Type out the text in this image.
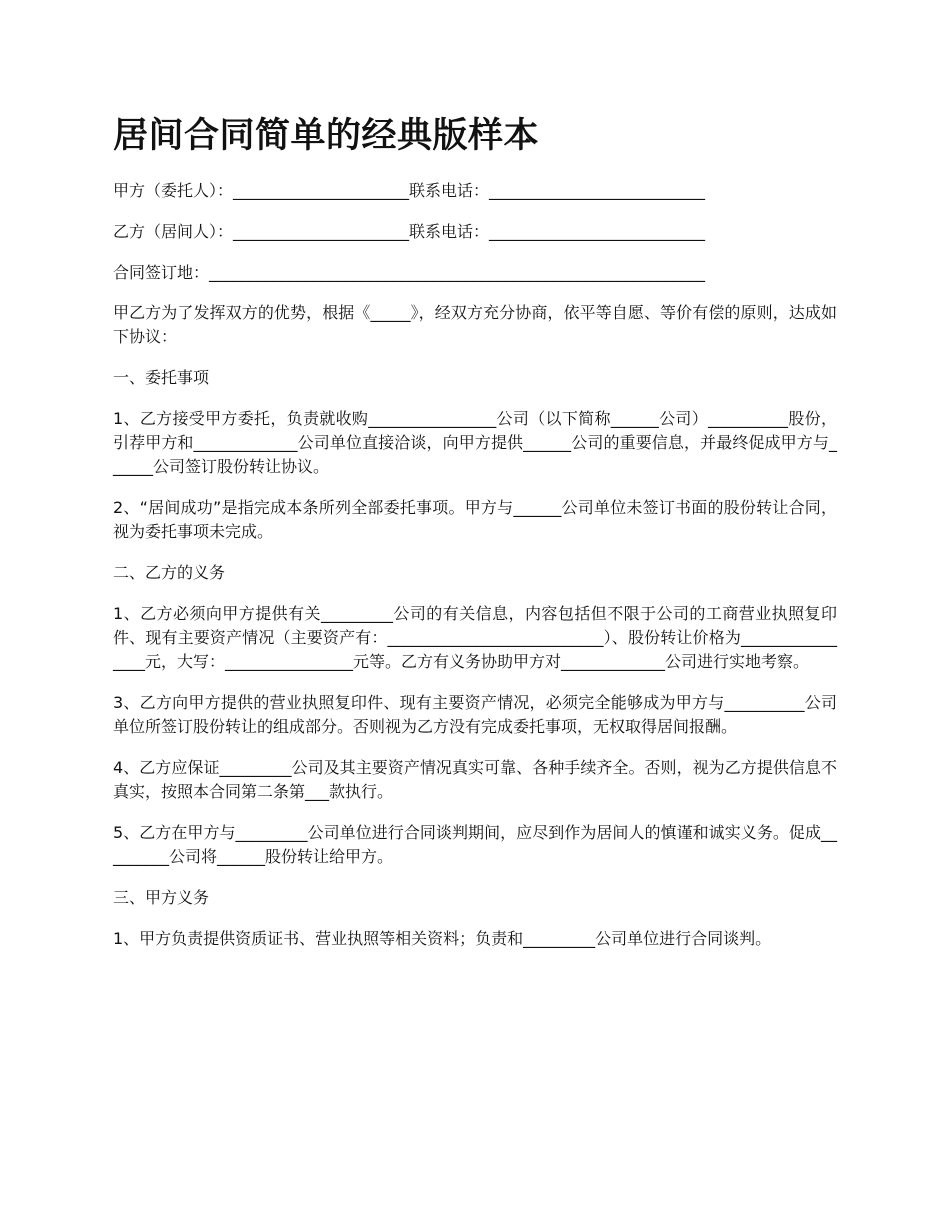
居间合同简单的经典版样本

甲方（委托人）：______________________联系电话：___________________________

乙方（居间人）：______________________联系电话：___________________________

合同签订地：______________________________________________________________

甲乙方为了发挥双方的优势，根据《_____》，经双方充分协商，依平等自愿、等价有偿的原则，达成如下协议：

一、委托事项

1、乙方接受甲方委托，负责就收购________________公司（以下简称______公司）__________股份，引荐甲方和_____________公司单位直接洽谈，向甲方提供______公司的重要信息，并最终促成甲方与______公司签订股份转让协议。

2、“居间成功”是指完成本条所列全部委托事项。甲方与______公司单位未签订书面的股份转让合同，视为委托事项未完成。

二、乙方的义务

1、乙方必须向甲方提供有关_________公司的有关信息，内容包括但不限于公司的工商营业执照复印件、现有主要资产情况（主要资产有：___________________________）、股份转让价格为________________元，大写：________________元等。乙方有义务协助甲方对_____________公司进行实地考察。

3、乙方向甲方提供的营业执照复印件、现有主要资产情况，必须完全能够成为甲方与__________公司单位所签订股份转让的组成部分。否则视为乙方没有完成委托事项，无权取得居间报酬。

4、乙方应保证_________公司及其主要资产情况真实可靠、各种手续齐全。否则，视为乙方提供信息不真实，按照本合同第二条第___款执行。

5、乙方在甲方与_________公司单位进行合同谈判期间，应尽到作为居间人的慎谨和诚实义务。促成_________公司将______股份转让给甲方。

三、甲方义务

1、甲方负责提供资质证书、营业执照等相关资料；负责和_________公司单位进行合同谈判。
